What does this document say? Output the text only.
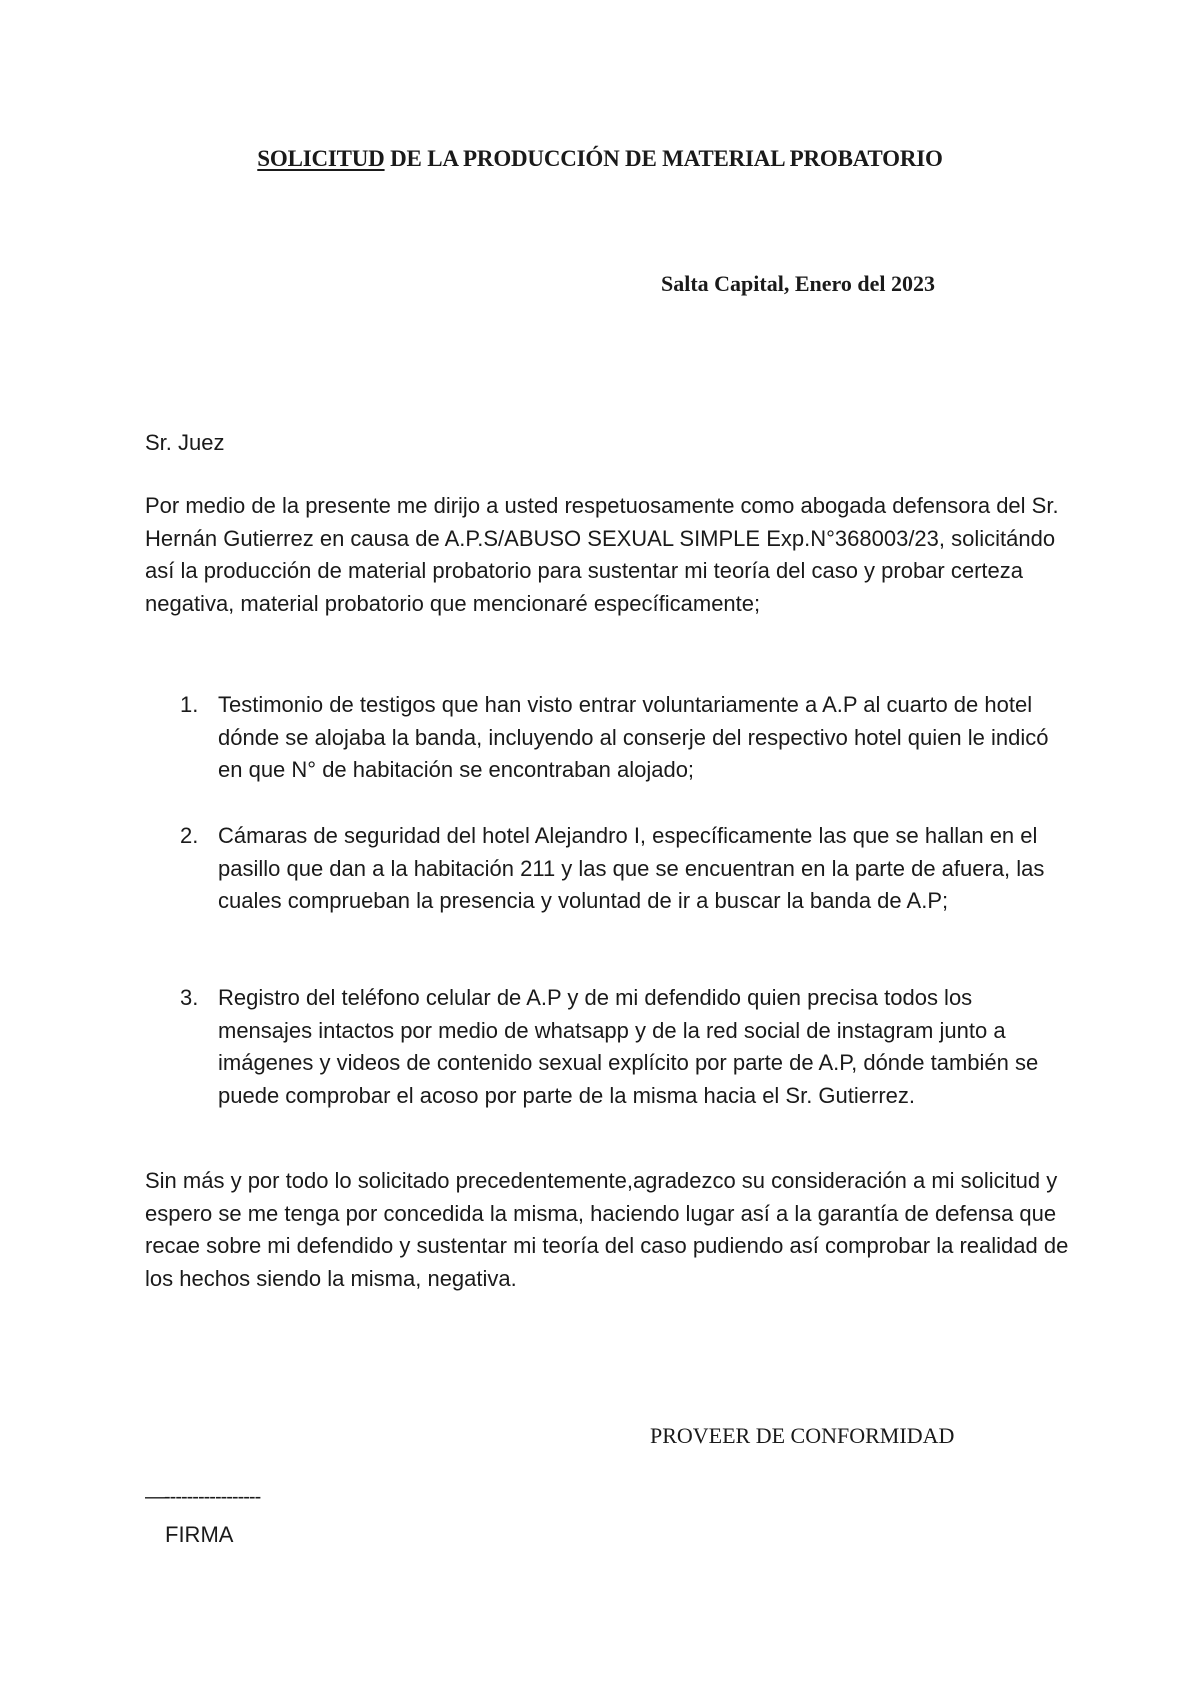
SOLICITUD DE LA PRODUCCIÓN DE MATERIAL PROBATORIO
Salta Capital, Enero del 2023
Sr. Juez
Por medio de la presente me dirijo a usted respetuosamente como abogada defensora del Sr. Hernán Gutierrez en causa de A.P.S/ABUSO SEXUAL SIMPLE Exp.N°368003/23, solicitándo así la producción de material probatorio para sustentar mi teoría del caso y probar certeza negativa, material probatorio que mencionaré específicamente;
1. Testimonio de testigos que han visto entrar voluntariamente a A.P al cuarto de hotel dónde se alojaba la banda, incluyendo al conserje del respectivo hotel quien le indicó en que N° de habitación se encontraban alojado;
2. Cámaras de seguridad del hotel Alejandro I, específicamente las que se hallan en el pasillo que dan a la habitación 211 y las que se encuentran en la parte de afuera, las cuales comprueban la presencia y voluntad de ir a buscar la banda de A.P;
3. Registro del teléfono celular de A.P y de mi defendido quien precisa todos los mensajes intactos por medio de whatsapp y de la red social de instagram junto a imágenes y videos de contenido sexual explícito por parte de A.P, dónde también se puede comprobar el acoso por parte de la misma hacia el Sr. Gutierrez.
Sin más y por todo lo solicitado precedentemente,agradezco su consideración a mi solicitud y espero se me tenga por concedida la misma, haciendo lugar así a la garantía de defensa que recae sobre mi defendido y sustentar mi teoría del caso pudiendo así comprobar la realidad de los hechos siendo la misma, negativa.
PROVEER DE CONFORMIDAD
—-----------------
FIRMA
